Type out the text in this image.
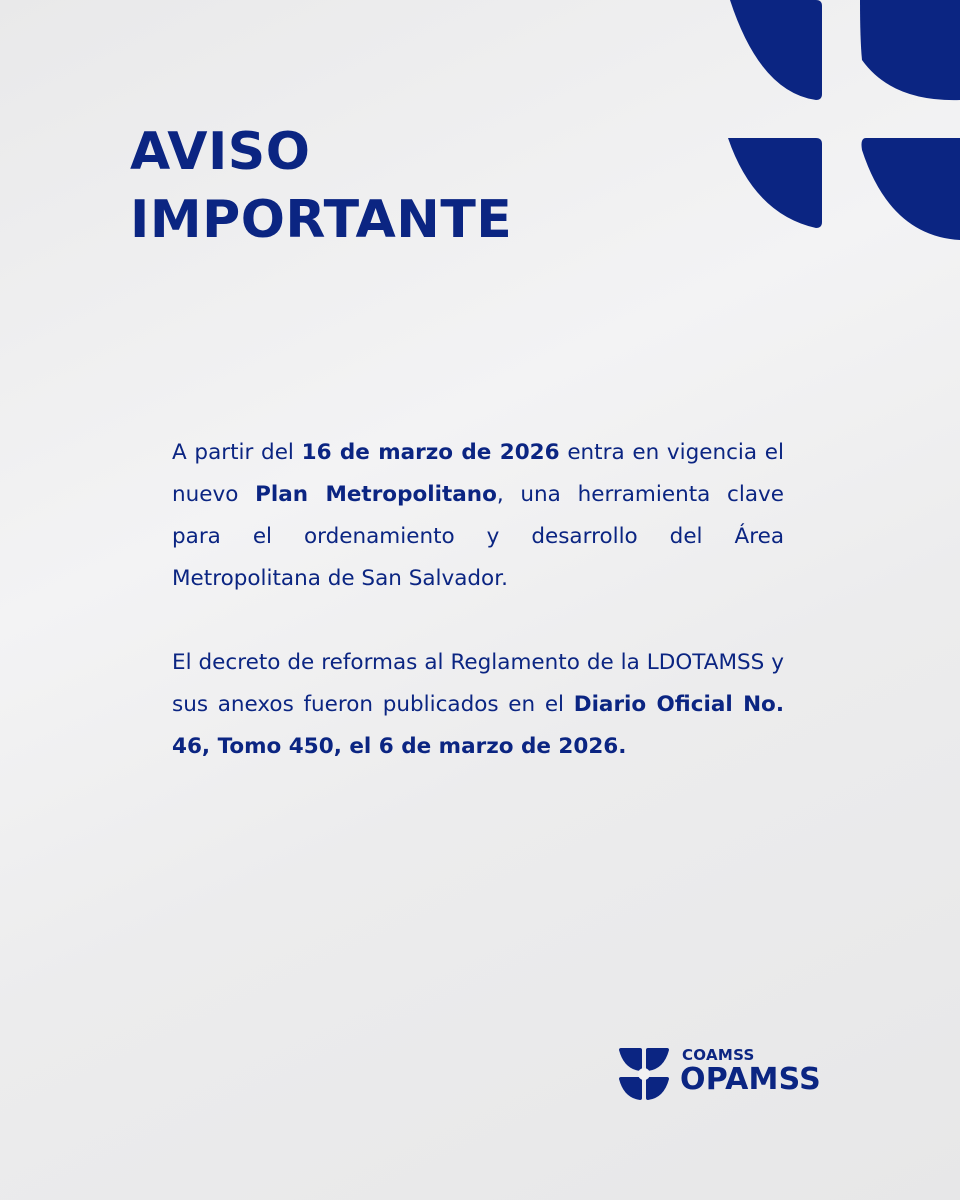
AVISO
IMPORTANTE

A partir del 16 de marzo de 2026 entra en vigencia el nuevo Plan Metropolitano, una herramienta clave para el ordenamiento y desarrollo del Área Metropolitana de San Salvador.

El decreto de reformas al Reglamento de la LDOTAMSS y sus anexos fueron publicados en el Diario Oficial No. 46, Tomo 450, el 6 de marzo de 2026.

COAMSS
OPAMSS
